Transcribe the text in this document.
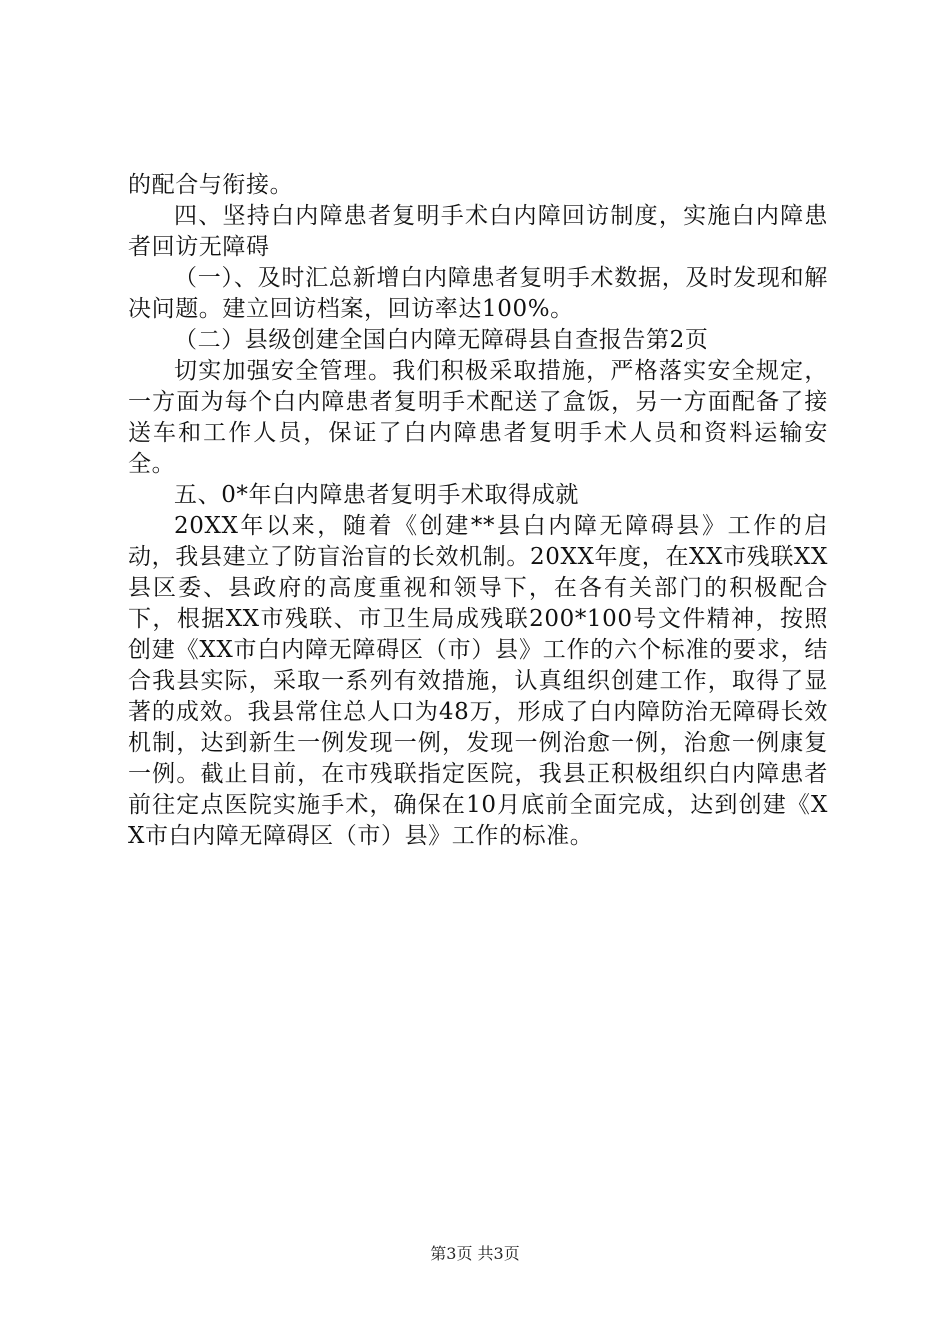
的配合与衔接。

四、坚持白内障患者复明手术白内障回访制度，实施白内障患者回访无障碍

（一）、及时汇总新增白内障患者复明手术数据，及时发现和解决问题。建立回访档案，回访率达100%。

（二）县级创建全国白内障无障碍县自查报告第2页

切实加强安全管理。我们积极采取措施，严格落实安全规定，一方面为每个白内障患者复明手术配送了盒饭，另一方面配备了接送车和工作人员，保证了白内障患者复明手术人员和资料运输安全。

五、0*年白内障患者复明手术取得成就

20XX年以来，随着《创建**县白内障无障碍县》工作的启动，我县建立了防盲治盲的长效机制。20XX年度，在XX市残联XX县区委、县政府的高度重视和领导下，在各有关部门的积极配合下，根据XX市残联、市卫生局成残联200*100号文件精神，按照创建《XX市白内障无障碍区（市）县》工作的六个标准的要求，结合我县实际，采取一系列有效措施，认真组织创建工作，取得了显著的成效。我县常住总人口为48万，形成了白内障防治无障碍长效机制，达到新生一例发现一例，发现一例治愈一例，治愈一例康复一例。截止目前，在市残联指定医院，我县正积极组织白内障患者前往定点医院实施手术，确保在10月底前全面完成，达到创建《XX市白内障无障碍区（市）县》工作的标准。

第3页 共3页
